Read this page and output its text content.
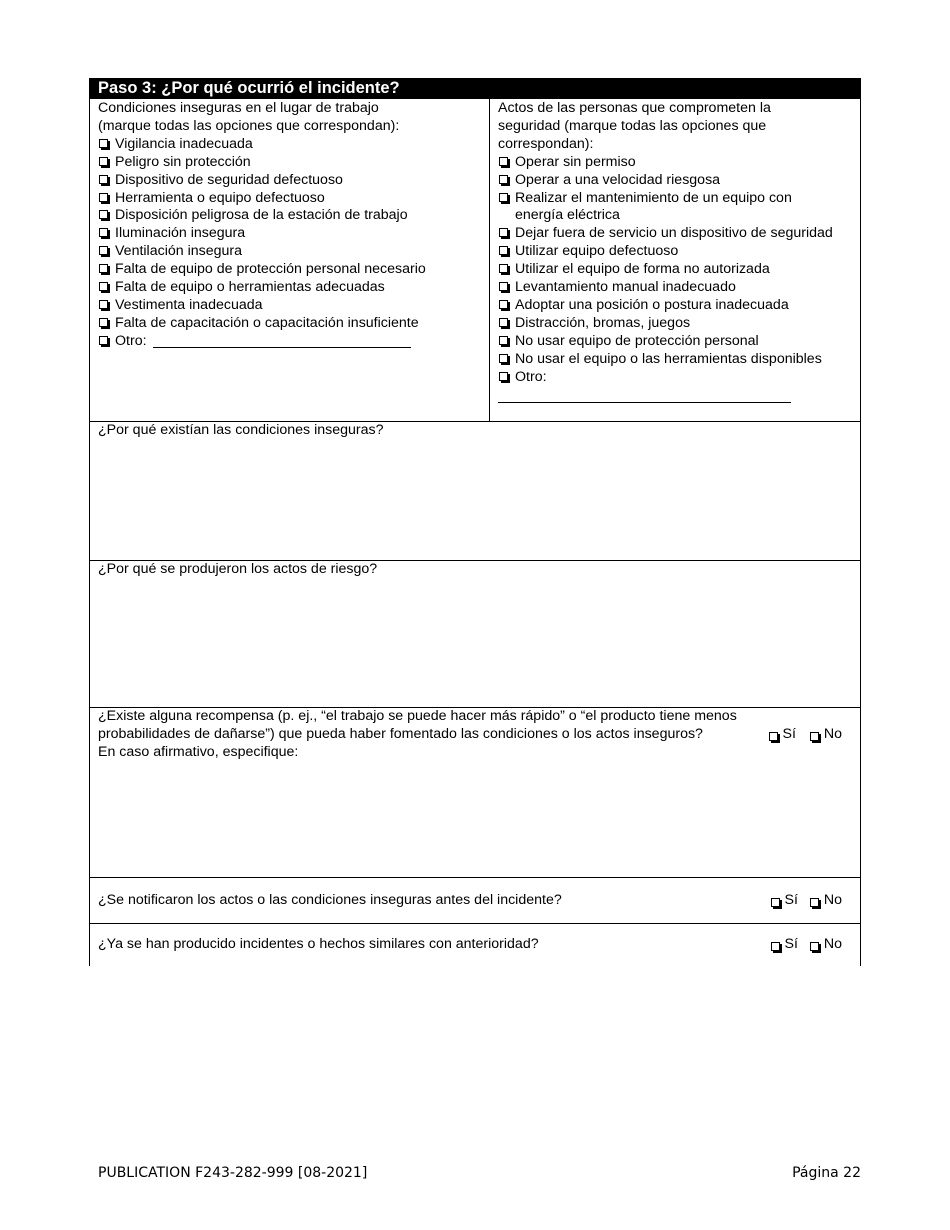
Paso 3: ¿Por qué ocurrió el incidente?
Condiciones inseguras en el lugar de trabajo
(marque todas las opciones que correspondan):
Vigilancia inadecuada
Peligro sin protección
Dispositivo de seguridad defectuoso
Herramienta o equipo defectuoso
Disposición peligrosa de la estación de trabajo
Iluminación insegura
Ventilación insegura
Falta de equipo de protección personal necesario
Falta de equipo o herramientas adecuadas
Vestimenta inadecuada
Falta de capacitación o capacitación insuficiente
Otro:
Actos de las personas que comprometen la
seguridad (marque todas las opciones que
correspondan):
Operar sin permiso
Operar a una velocidad riesgosa
Realizar el mantenimiento de un equipo con energía eléctrica
Dejar fuera de servicio un dispositivo de seguridad
Utilizar equipo defectuoso
Utilizar el equipo de forma no autorizada
Levantamiento manual inadecuado
Adoptar una posición o postura inadecuada
Distracción, bromas, juegos
No usar equipo de protección personal
No usar el equipo o las herramientas disponibles
Otro:
¿Por qué existían las condiciones inseguras?
¿Por qué se produjeron los actos de riesgo?
¿Existe alguna recompensa (p. ej., “el trabajo se puede hacer más rápido” o “el producto tiene menos
probabilidades de dañarse”) que pueda haber fomentado las condiciones o los actos inseguros?	Sí No
En caso afirmativo, especifique:
¿Se notificaron los actos o las condiciones inseguras antes del incidente?	Sí No
¿Ya se han producido incidentes o hechos similares con anterioridad?	Sí No
PUBLICATION F243-282-999 [08-2021]	Página 22
